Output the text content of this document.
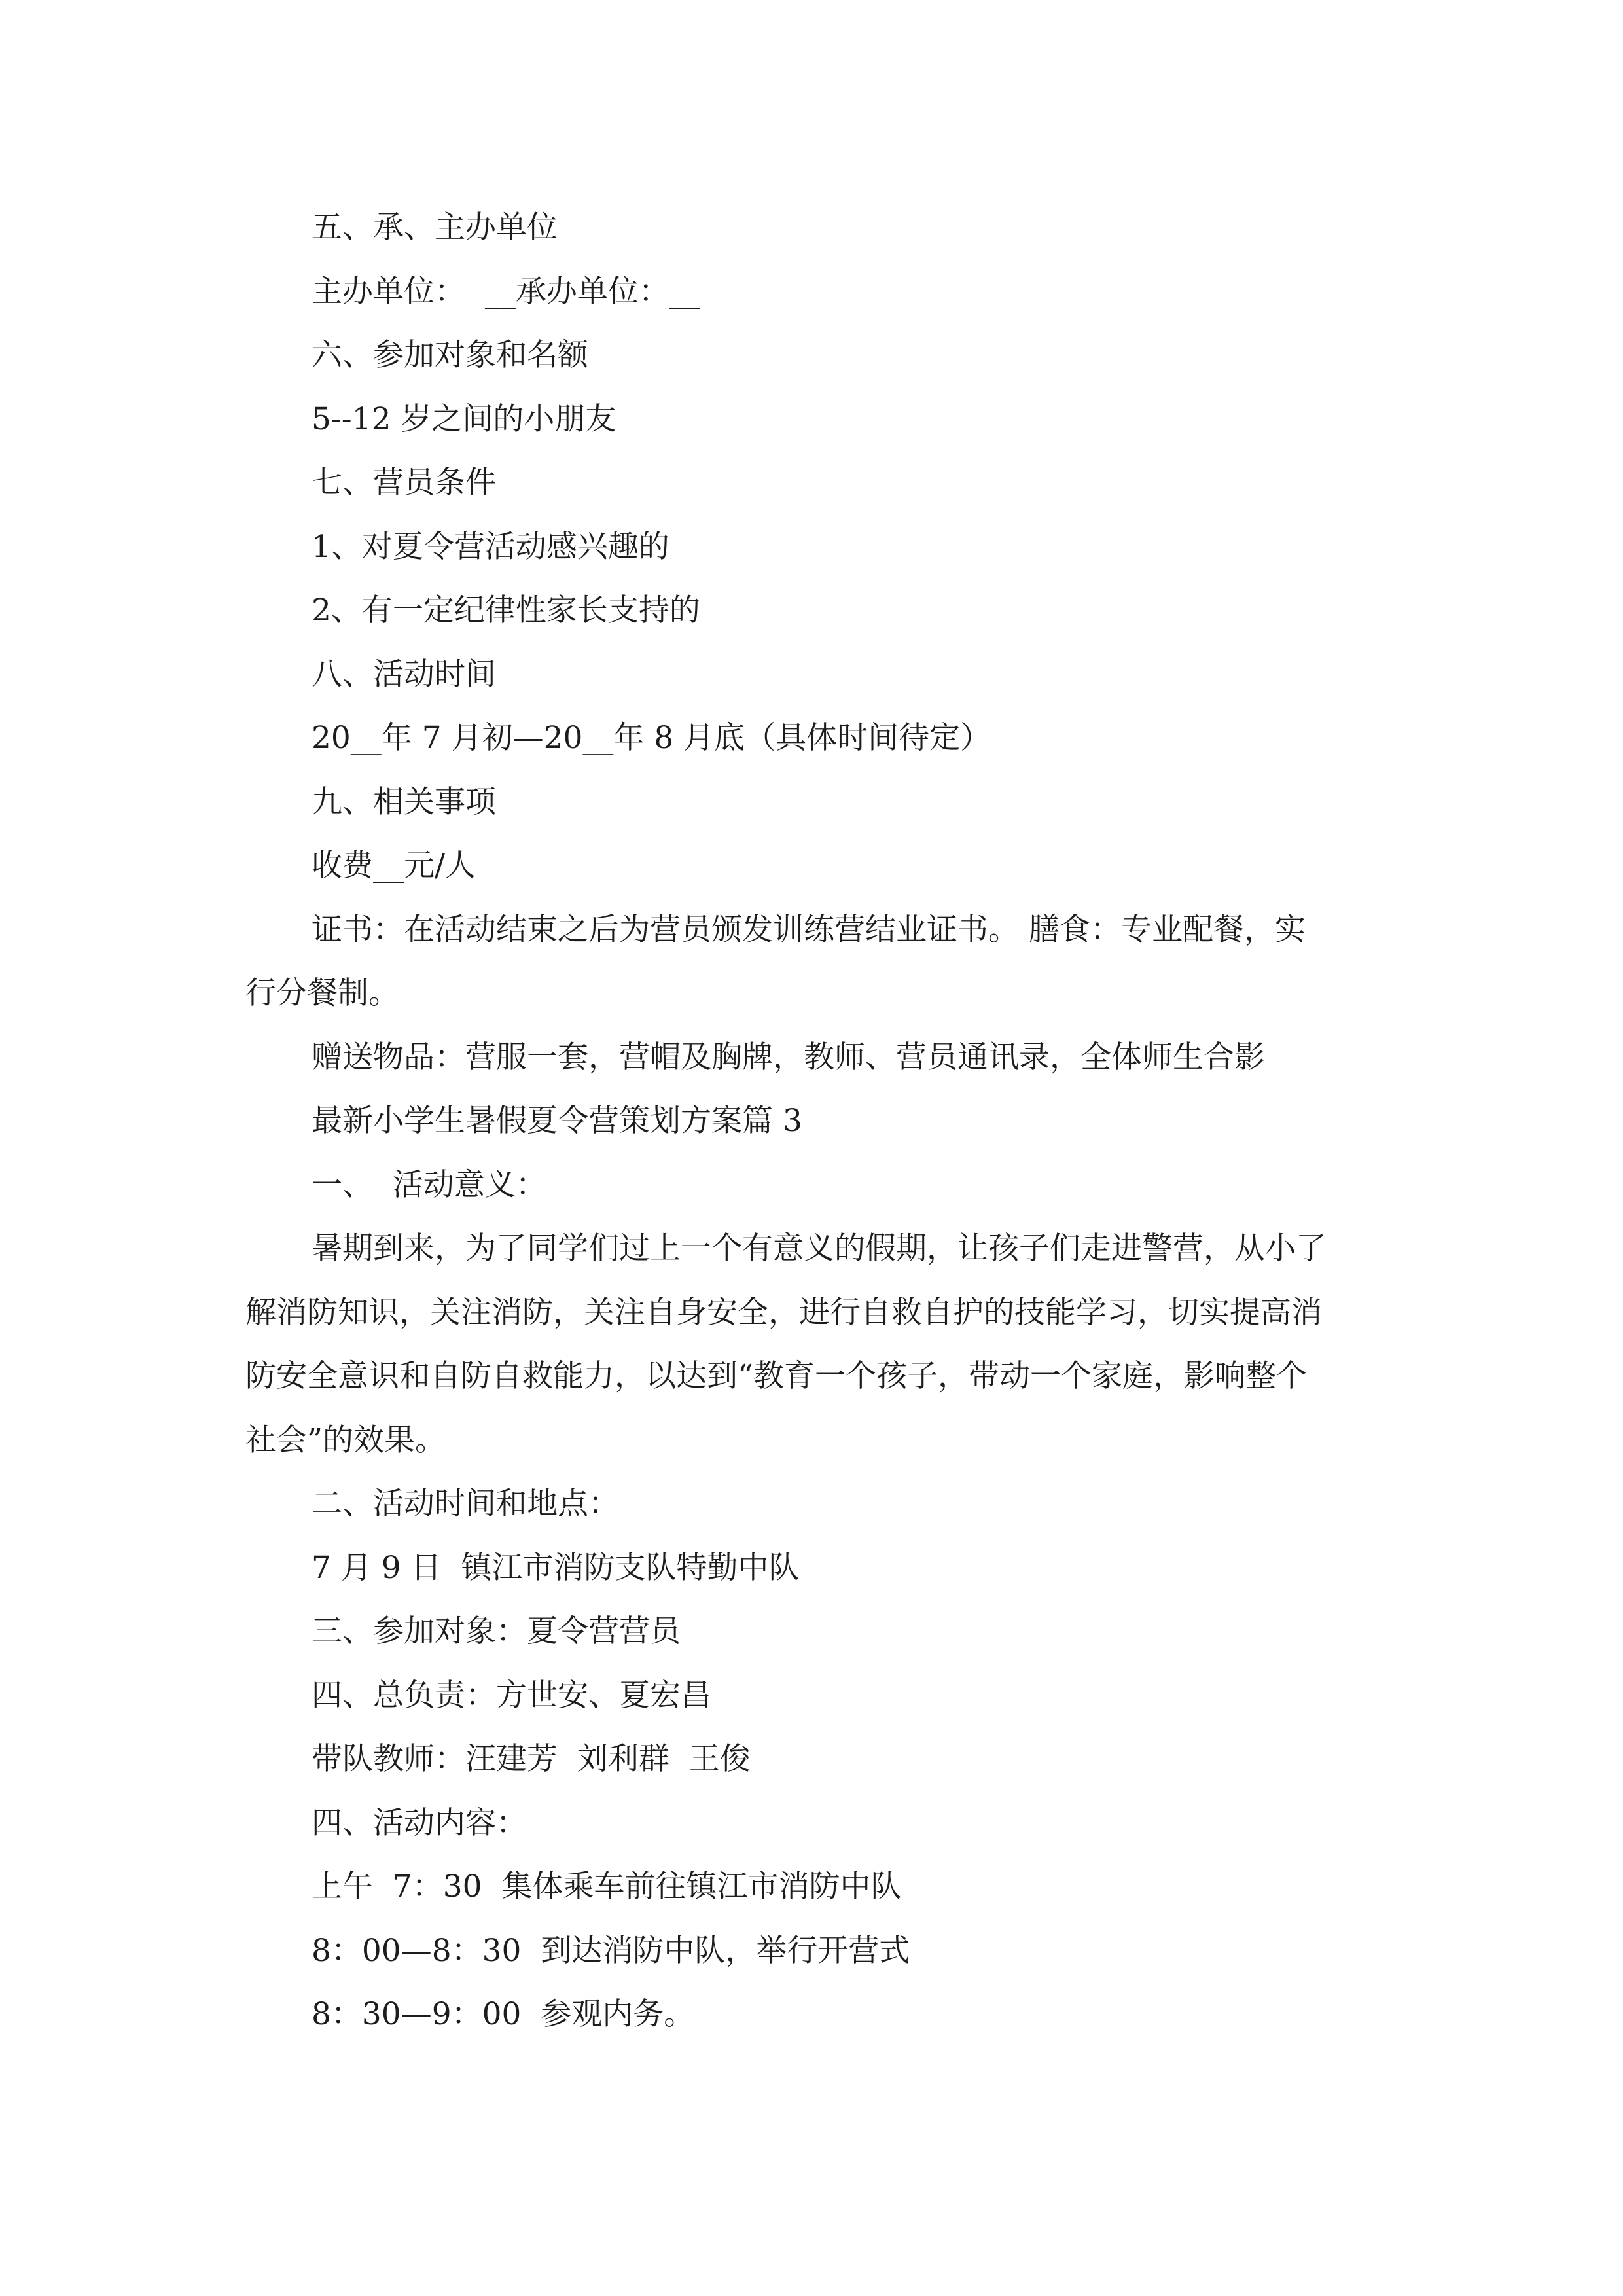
五、承、主办单位

主办单位：  __承办单位：__

六、参加对象和名额

5--12 岁之间的小朋友

七、营员条件

1、对夏令营活动感兴趣的

2、有一定纪律性家长支持的

八、活动时间

20__年 7 月初—20__年 8 月底（具体时间待定）

九、相关事项

收费__元/人

证书：在活动结束之后为营员颁发训练营结业证书。 膳食：专业配餐，实

行分餐制。

赠送物品：营服一套，营帽及胸牌，教师、营员通讯录，全体师生合影

最新小学生暑假夏令营策划方案篇 3

一、  活动意义：

暑期到来，为了同学们过上一个有意义的假期，让孩子们走进警营，从小了

解消防知识，关注消防，关注自身安全，进行自救自护的技能学习，切实提高消

防安全意识和自防自救能力，以达到“教育一个孩子，带动一个家庭，影响整个

社会”的效果。

二、活动时间和地点：

7 月 9 日  镇江市消防支队特勤中队

三、参加对象：夏令营营员

四、总负责：方世安、夏宏昌

带队教师：汪建芳  刘利群  王俊

四、活动内容：

上午  7：30  集体乘车前往镇江市消防中队

8：00—8：30  到达消防中队，举行开营式

8：30—9：00  参观内务。
